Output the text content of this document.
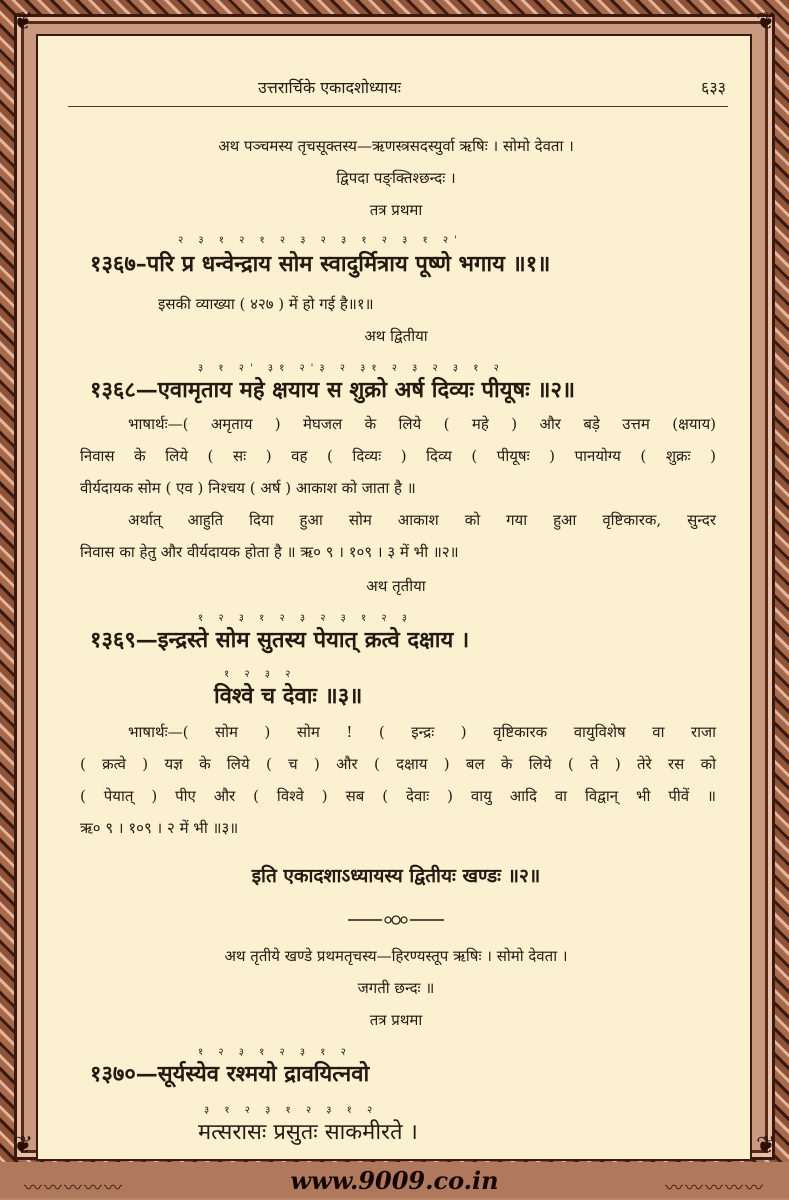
❦	❦
❦	❦
उत्तरार्चिके एकादशोध्यायः	६३३
अथ पञ्चमस्य तृचसूक्तस्य—ऋणस्त्रसदस्युर्वा ऋषिः । सोमो देवता ।
द्विपदा पङ्क्तिश्छन्दः ।
तत्र प्रथमा
२ ३ १ २ १ २ ३ २ ३ १ २ ३ १ २'
१३६७–परि प्र धन्वेन्द्राय सोम स्वादुर्मित्राय पूष्णे भगाय ॥१॥
इसकी व्याख्या ( ४२७ ) में हो गई है॥१॥
अथ द्वितीया
३ १ २' ३१ २'३ २ ३१ २ ३ २ ३ १ २
१३६८—एवामृताय महे क्षयाय स शुक्रो अर्ष दिव्यः पीयूषः ॥२॥
भाषार्थः—( अमृताय ) मेघजल के लिये ( महे ) और बड़े उत्तम (क्षयाय)
निवास के लिये ( सः ) वह ( दिव्यः ) दिव्य ( पीयूषः ) पानयोग्य ( शुक्रः )
वीर्यदायक सोम ( एव ) निश्चय ( अर्ष ) आकाश को जाता है ॥
अर्थात् आहुति दिया हुआ सोम आकाश को गया हुआ वृष्टिकारक, सुन्दर
निवास का हेतु और वीर्यदायक होता है ॥ ऋ० ९ । १०९ । ३ में भी ॥२॥
अथ तृतीया
१ २ ३ १ २ ३ २ ३ १ २ ३
१३६९—इन्द्रस्ते सोम सुतस्य पेयात् क्रत्वे दक्षाय ।
१ २ ३ २
विश्वे च देवाः ॥३॥
भाषार्थः—( सोम ) सोम ! ( इन्द्रः ) वृष्टिकारक वायुविशेष वा राजा
( क्रत्वे ) यज्ञ के लिये ( च ) और ( दक्षाय ) बल के लिये ( ते ) तेरे रस को
( पेयात् ) पीए और ( विश्वे ) सब ( देवाः ) वायु आदि वा विद्वान् भी पीवें ॥
ऋ० ९ । १०९ । २ में भी ॥३॥
इति एकादशाऽध्यायस्य द्वितीयः खण्डः ॥२॥
अथ तृतीये खण्डे प्रथमतृचस्य—हिरण्यस्तूप ऋषिः । सोमो देवता ।
जगती छन्दः ॥
तत्र प्रथमा
१ २ ३ १ २ ३ १ २
१३७०—सूर्यस्येव रश्मयो द्रावयित्नवो
३ १ २ ३ १ २ ३ १ २
मत्सरासः प्रसुतः साकमीरते ।
〰〰〰〰〰	www.9009.co.in	〰〰〰〰〰
